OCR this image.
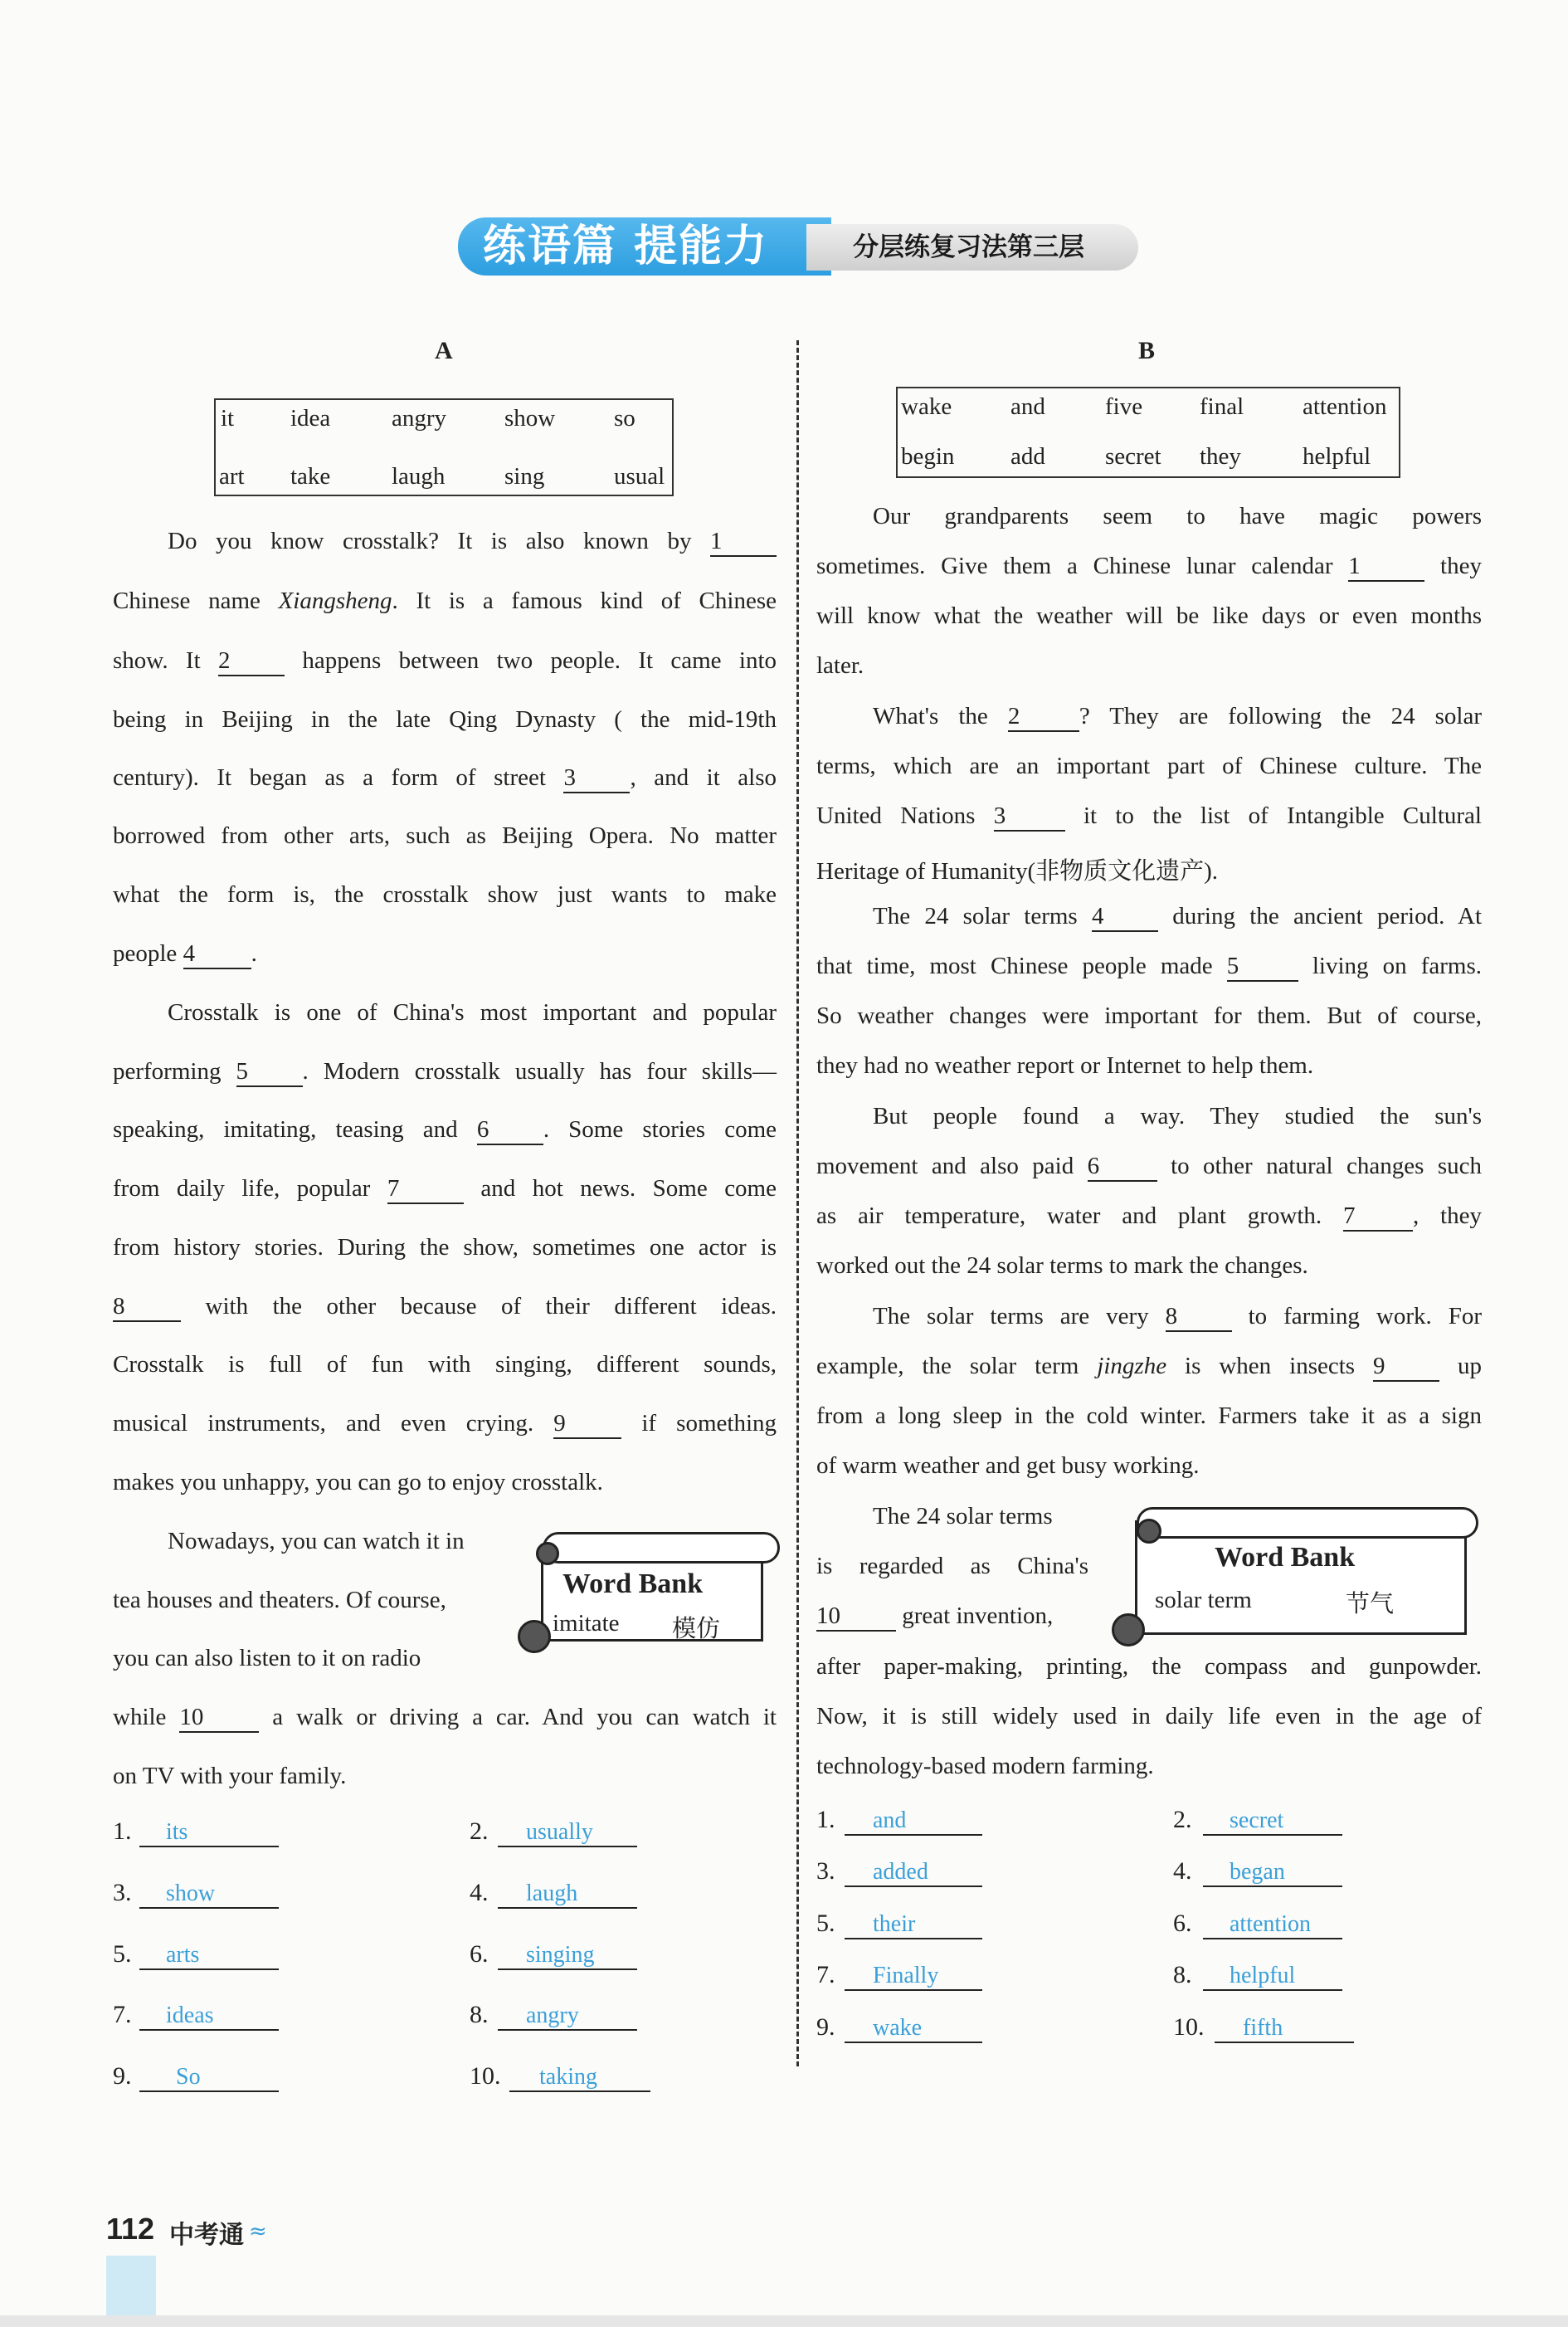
练语篇 提能力	分层练复习法第三层
A
it idea	angry show so
art take	laugh sing	usual
Do you know crosstalk? It is also known by 1
Chinese name Xiangsheng. It is a famous kind of Chinese
show. It 2 happens between two people. It came into
being in Beijing in the late Qing Dynasty ( the mid-19th
century). It began as a form of street 3 , and it also
borrowed from other arts, such as Beijing Opera. No matter
what the form is, the crosstalk show just wants to make
people 4 .
Crosstalk is one of China's most important and popular
performing 5 . Modern crosstalk usually has four skills—
speaking, imitating, teasing and 6 . Some stories come
from daily life, popular 7	and hot news. Some come
from history stories. During the show, sometimes one actor is
8 with the other because of their different ideas.
Crosstalk is full of fun with singing, different sounds,
musical instruments, and even crying. 9 if something
makes you unhappy, you can go to enjoy crosstalk.
Nowadays, you can watch it in
tea houses and theaters. Of course,
you can also listen to it on radio
while 10 a walk or driving a car. And you can watch it
on TV with your family.
Word Bank
imitate 模仿
1. its	2. usually
3. show	4. laugh
5. arts	6. singing
7. ideas	8. angry
9. So	10. taking
B
wake and five final attention
begin add secret they	helpful
Our grandparents seem to have magic powers
sometimes. Give them a Chinese lunar calendar 1	they
will know what the weather will be like days or even months
later.
What's the 2 ? They are following the 24 solar
terms, which are an important part of Chinese culture. The
United Nations 3 it to the list of Intangible Cultural
Heritage of Humanity(非物质文化遗产).
The 24 solar terms 4 during the ancient period. At
that time, most Chinese people made 5 living on farms.
So weather changes were important for them. But of course,
they had no weather report or Internet to help them.
But people found a way. They studied the sun's
movement and also paid 6 to other natural changes such
as air temperature, water and plant growth. 7 , they
worked out the 24 solar terms to mark the changes.
The solar terms are very 8 to farming work. For
example, the solar term jingzhe is when insects 9 up
from a long sleep in the cold winter. Farmers take it as a sign
of warm weather and get busy working.
The 24 solar terms
is regarded as China's
10 great invention,
after paper-making, printing, the compass and gunpowder.
Now, it is still widely used in daily life even in the age of
technology-based modern farming.
Word Bank
solar term	节气
1. and	2. secret
3. added	4. began
5. their	6. attention
7. Finally	8. helpful
9. wake	10. fifth
112 中考通 ≈
